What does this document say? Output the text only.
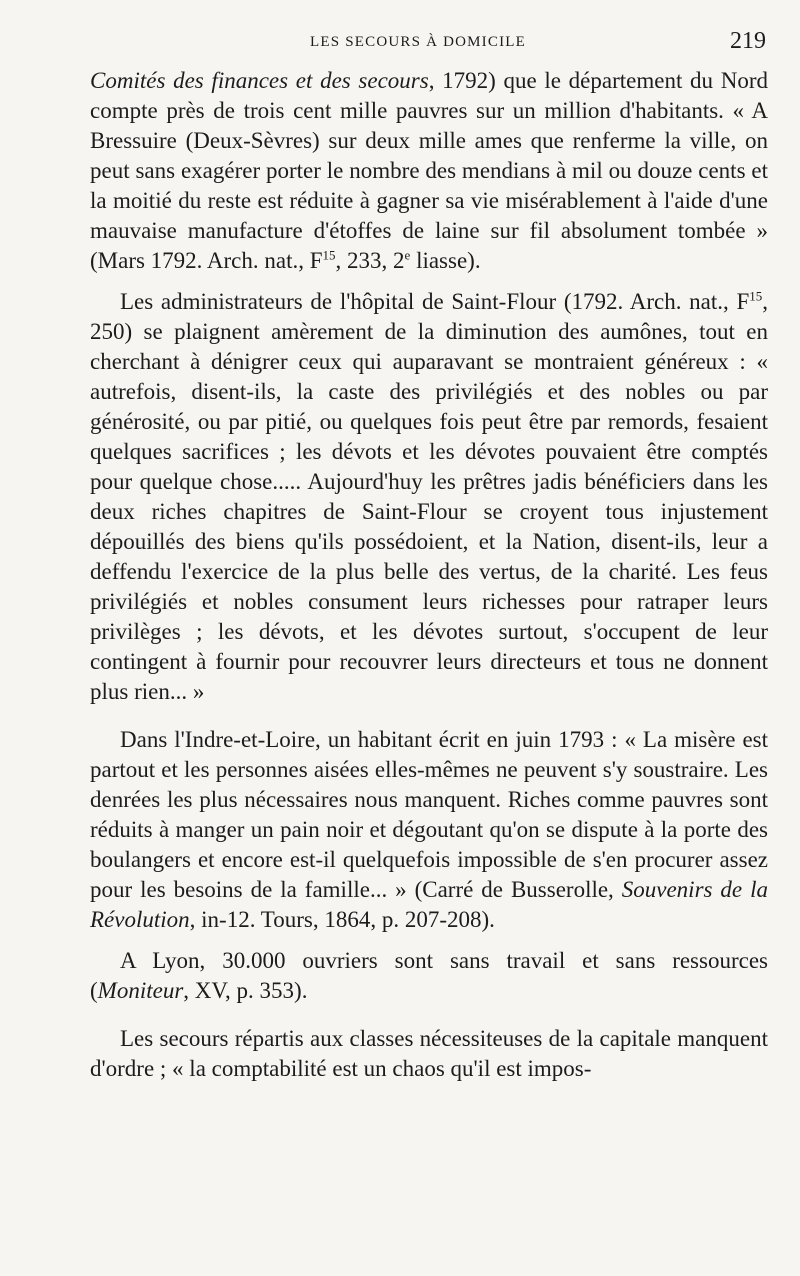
LES SECOURS À DOMICILE	219

Comités des finances et des secours, 1792) que le département du Nord compte près de trois cent mille pauvres sur un million d'habitants. « A Bressuire (Deux-Sèvres) sur deux mille ames que renferme la ville, on peut sans exagérer porter le nombre des mendians à mil ou douze cents et la moitié du reste est réduite à gagner sa vie misérablement à l'aide d'une mauvaise manufacture d'étoffes de laine sur fil absolument tombée » (Mars 1792. Arch. nat., $F^{15}$, 233, 2e liasse).

Les administrateurs de l'hôpital de Saint-Flour (1792. Arch. nat., $F^{15}$, 250) se plaignent amèrement de la diminution des aumônes, tout en cherchant à dénigrer ceux qui auparavant se montraient généreux : « autrefois, disent-ils, la caste des privilégiés et des nobles ou par générosité, ou par pitié, ou quelques fois peut être par remords, fesaient quelques sacrifices ; les dévots et les dévotes pouvaient être comptés pour quelque chose..... Aujourd'huy les prêtres jadis bénéficiers dans les deux riches chapitres de Saint-Flour se croyent tous injustement dépouillés des biens qu'ils possédoient, et la Nation, disent-ils, leur a deffendu l'exercice de la plus belle des vertus, de la charité. Les feus privilégiés et nobles consument leurs richesses pour ratraper leurs privilèges ; les dévots, et les dévotes surtout, s'occupent de leur contingent à fournir pour recouvrer leurs directeurs et tous ne donnent plus rien... »

Dans l'Indre-et-Loire, un habitant écrit en juin 1793 : « La misère est partout et les personnes aisées elles-mêmes ne peuvent s'y soustraire. Les denrées les plus nécessaires nous manquent. Riches comme pauvres sont réduits à manger un pain noir et dégoutant qu'on se dispute à la porte des boulangers et encore est-il quelquefois impossible de s'en procurer assez pour les besoins de la famille... » (Carré de Busserolle, Souvenirs de la Révolution, in-12. Tours, 1864, p. 207-208).

A Lyon, 30.000 ouvriers sont sans travail et sans ressources (Moniteur, XV, p. 353).

Les secours répartis aux classes nécessiteuses de la capitale manquent d'ordre ; « la comptabilité est un chaos qu'il est impos-
